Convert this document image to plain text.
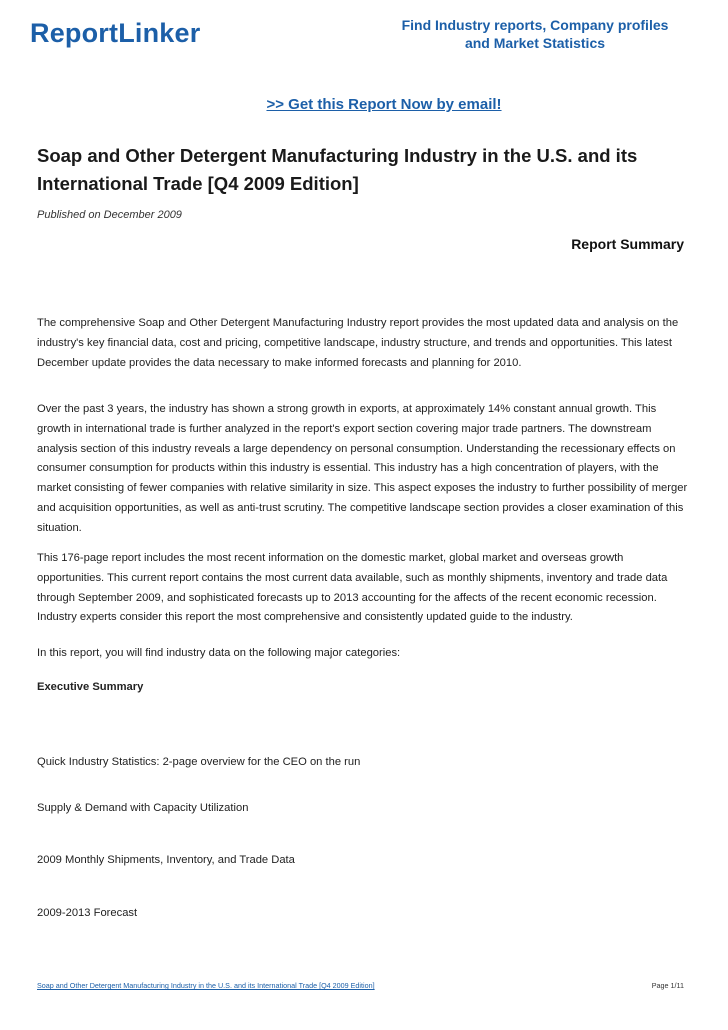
ReportLinker	Find Industry reports, Company profiles
and Market Statistics
>> Get this Report Now by email!
Soap and Other Detergent Manufacturing Industry in the U.S. and its International Trade [Q4 2009 Edition]
Published on December 2009
Report Summary

The comprehensive Soap and Other Detergent Manufacturing Industry report provides the most updated data and analysis on the industry's key financial data, cost and pricing, competitive landscape, industry structure, and trends and opportunities. This latest December update provides the data necessary to make informed forecasts and planning for 2010.

Over the past 3 years, the industry has shown a strong growth in exports, at approximately 14% constant annual growth. This growth in international trade is further analyzed in the report's export section covering major trade partners. The downstream analysis section of this industry reveals a large dependency on personal consumption. Understanding the recessionary effects on consumer consumption for products within this industry is essential. This industry has a high concentration of players, with the market consisting of fewer companies with relative similarity in size. This aspect exposes the industry to further possibility of merger and acquisition opportunities, as well as anti-trust scrutiny. The competitive landscape section provides a closer examination of this situation.

This 176-page report includes the most recent information on the domestic market, global market and overseas growth opportunities. This current report contains the most current data available, such as monthly shipments, inventory and trade data through September 2009, and sophisticated forecasts up to 2013 accounting for the affects of the recent economic recession. Industry experts consider this report the most comprehensive and consistently updated guide to the industry.

In this report, you will find industry data on the following major categories:

Executive Summary
Quick Industry Statistics: 2-page overview for the CEO on the run
Supply & Demand with Capacity Utilization
2009 Monthly Shipments, Inventory, and Trade Data
2009-2013 Forecast
Soap and Other Detergent Manufacturing Industry in the U.S. and its International Trade [Q4 2009 Edition]	Page 1/11
